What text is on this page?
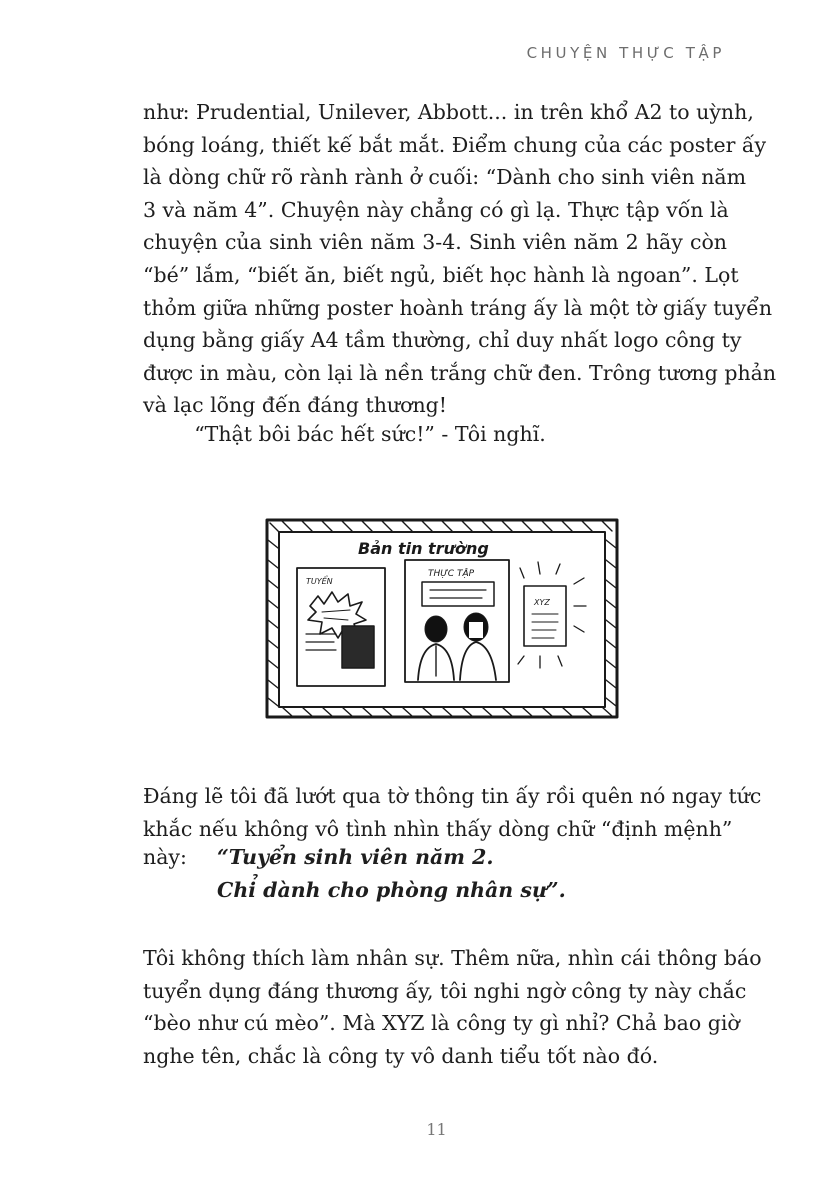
CHUYỆN THỰC TẬP

như: Prudential, Unilever, Abbott... in trên khổ A2 to uỳnh,
bóng loáng, thiết kế bắt mắt. Điểm chung của các poster ấy
là dòng chữ rõ rành rành ở cuối: “Dành cho sinh viên năm
3 và năm 4”. Chuyện này chẳng có gì lạ. Thực tập vốn là
chuyện của sinh viên năm 3-4. Sinh viên năm 2 hãy còn
“bé” lắm, “biết ăn, biết ngủ, biết học hành là ngoan”. Lọt
thỏm giữa những poster hoành tráng ấy là một tờ giấy tuyển
dụng bằng giấy A4 tầm thường, chỉ duy nhất logo công ty
được in màu, còn lại là nền trắng chữ đen. Trông tương phản
và lạc lõng đến đáng thương!

“Thật bôi bác hết sức!” - Tôi nghĩ.
Bản tin trường
TUYỂN
THỰC TẬP
XYZ

Đáng lẽ tôi đã lướt qua tờ thông tin ấy rồi quên nó ngay tức
khắc nếu không vô tình nhìn thấy dòng chữ “định mệnh”

này: “Tuyển sinh viên năm 2.
Chỉ dành cho phòng nhân sự”.

Tôi không thích làm nhân sự. Thêm nữa, nhìn cái thông báo
tuyển dụng đáng thương ấy, tôi nghi ngờ công ty này chắc
“bèo như cú mèo”. Mà XYZ là công ty gì nhỉ? Chả bao giờ
nghe tên, chắc là công ty vô danh tiểu tốt nào đó.

11
